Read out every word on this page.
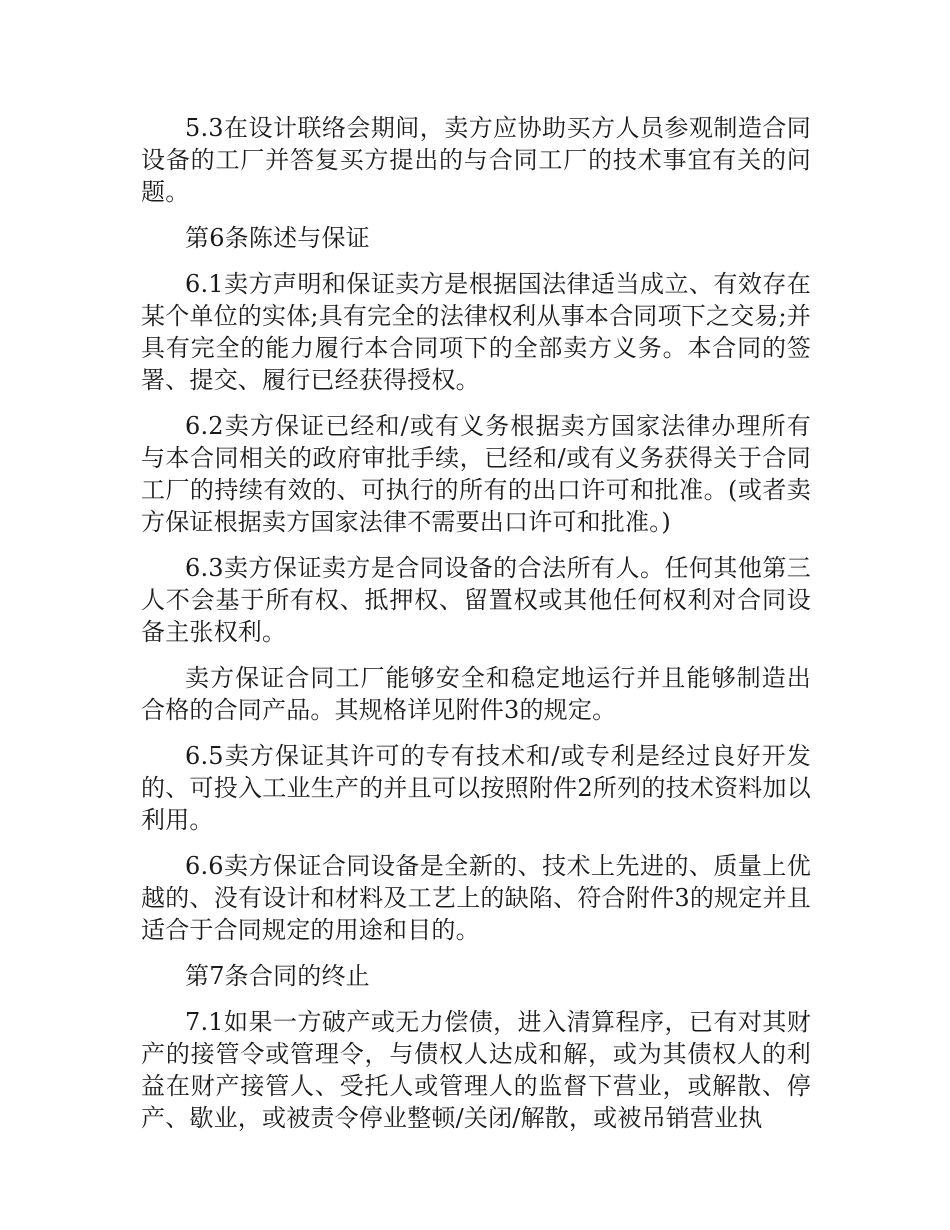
5.3在设计联络会期间，卖方应协助买方人员参观制造合同设备的工厂并答复买方提出的与合同工厂的技术事宜有关的问题。

第6条陈述与保证

6.1卖方声明和保证卖方是根据国法律适当成立、有效存在某个单位的实体;具有完全的法律权利从事本合同项下之交易;并具有完全的能力履行本合同项下的全部卖方义务。本合同的签署、提交、履行已经获得授权。

6.2卖方保证已经和/或有义务根据卖方国家法律办理所有与本合同相关的政府审批手续，已经和/或有义务获得关于合同工厂的持续有效的、可执行的所有的出口许可和批准。(或者卖方保证根据卖方国家法律不需要出口许可和批准。)

6.3卖方保证卖方是合同设备的合法所有人。任何其他第三人不会基于所有权、抵押权、留置权或其他任何权利对合同设备主张权利。

卖方保证合同工厂能够安全和稳定地运行并且能够制造出合格的合同产品。其规格详见附件3的规定。

6.5卖方保证其许可的专有技术和/或专利是经过良好开发的、可投入工业生产的并且可以按照附件2所列的技术资料加以利用。

6.6卖方保证合同设备是全新的、技术上先进的、质量上优越的、没有设计和材料及工艺上的缺陷、符合附件3的规定并且适合于合同规定的用途和目的。

第7条合同的终止

7.1如果一方破产或无力偿债，进入清算程序，已有对其财产的接管令或管理令，与债权人达成和解，或为其债权人的利益在财产接管人、受托人或管理人的监督下营业，或解散、停产、歇业，或被责令停业整顿/关闭/解散，或被吊销营业执
